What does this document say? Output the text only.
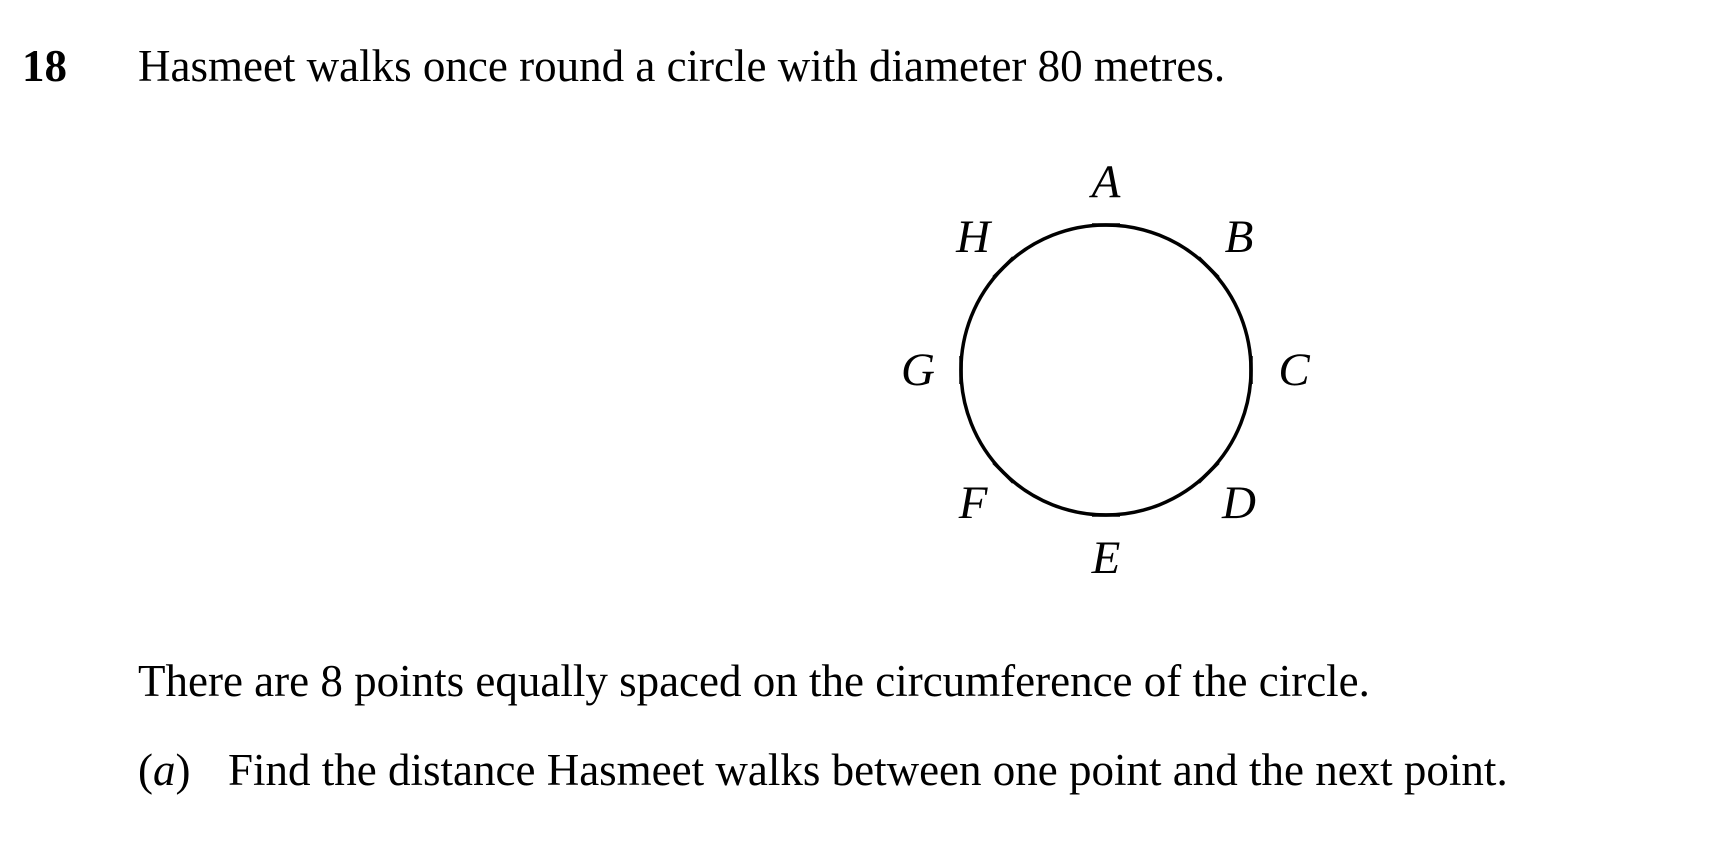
18 Hasmeet walks once round a circle with diameter 80 metres.
A
B
C
D
E
F
G
H
There are 8 points equally spaced on the circumference of the circle.
(a) Find the distance Hasmeet walks between one point and the next point.
